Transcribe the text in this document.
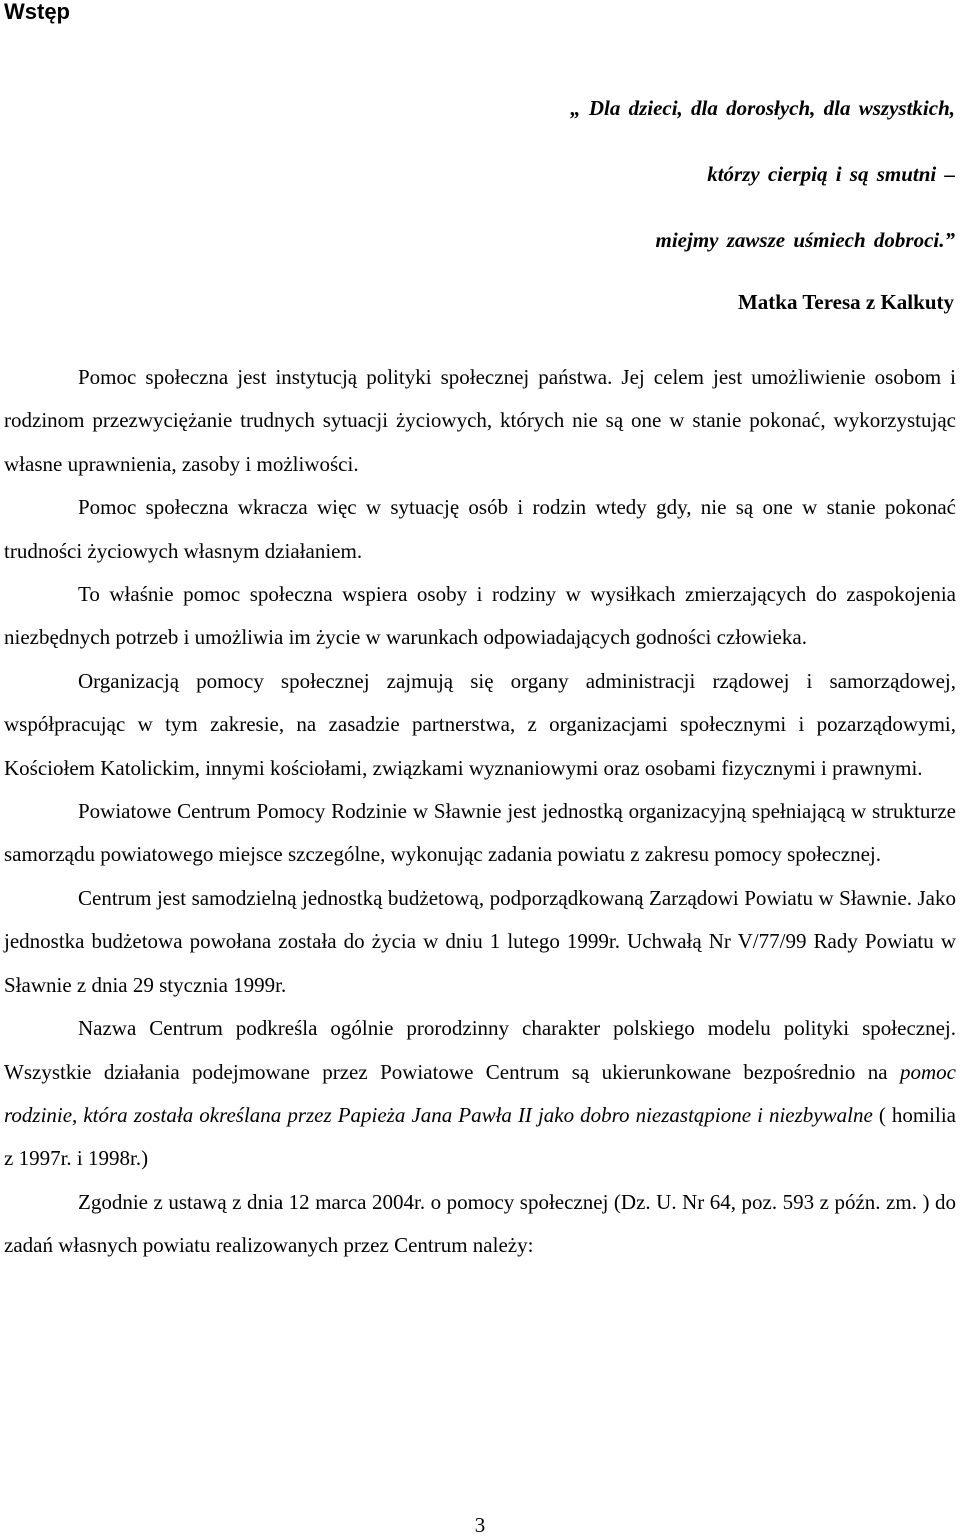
Wstęp
„ Dla dzieci, dla dorosłych, dla wszystkich,
którzy cierpią i są smutni –
miejmy zawsze uśmiech dobroci.”
Matka Teresa z Kalkuty

Pomoc społeczna jest instytucją polityki społecznej państwa. Jej celem jest umożliwienie osobom i rodzinom przezwyciężanie trudnych sytuacji życiowych, których nie są one w stanie pokonać, wykorzystując własne uprawnienia, zasoby i możliwości.

Pomoc społeczna wkracza więc w sytuację osób i rodzin wtedy gdy, nie są one w stanie pokonać trudności życiowych własnym działaniem.

To właśnie pomoc społeczna wspiera osoby i rodziny w wysiłkach zmierzających do zaspokojenia niezbędnych potrzeb i umożliwia im życie w warunkach odpowiadających godności człowieka.

Organizacją pomocy społecznej zajmują się organy administracji rządowej i samorządowej, współpracując w tym zakresie, na zasadzie partnerstwa, z organizacjami społecznymi i pozarządowymi, Kościołem Katolickim, innymi kościołami, związkami wyznaniowymi oraz osobami fizycznymi i prawnymi.

Powiatowe Centrum Pomocy Rodzinie w Sławnie jest jednostką organizacyjną spełniającą w strukturze samorządu powiatowego miejsce szczególne, wykonując zadania powiatu z zakresu pomocy społecznej.

Centrum jest samodzielną jednostką budżetową, podporządkowaną Zarządowi Powiatu w Sławnie. Jako jednostka budżetowa powołana została do życia w dniu 1 lutego 1999r. Uchwałą Nr V/77/99 Rady Powiatu w Sławnie z dnia 29 stycznia 1999r.

Nazwa Centrum podkreśla ogólnie prorodzinny charakter polskiego modelu polityki społecznej. Wszystkie działania podejmowane przez Powiatowe Centrum są ukierunkowane bezpośrednio na pomoc rodzinie, która została określana przez Papieża Jana Pawła II jako dobro niezastąpione i niezbywalne ( homilia z 1997r. i 1998r.)

Zgodnie z ustawą z dnia 12 marca 2004r. o pomocy społecznej (Dz. U. Nr 64, poz. 593 z późn. zm. ) do zadań własnych powiatu realizowanych przez Centrum należy:

3
